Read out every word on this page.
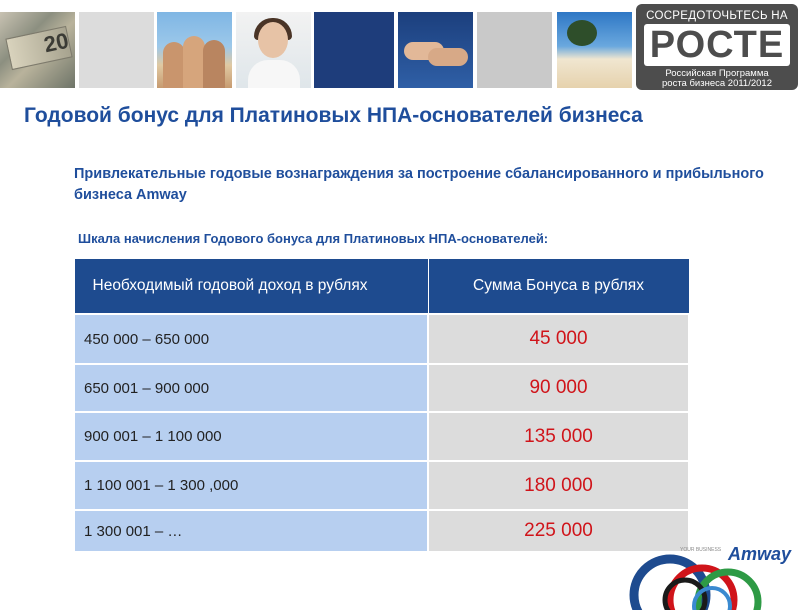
20
СОСРЕДОТОЧЬТЕСЬ НА
РОСТЕ
Российская Программа
роста бизнеса 2011/2012
Годовой бонус для Платиновых НПА-основателей бизнеса
Привлекательные годовые вознаграждения за построение сбалансированного и прибыльного бизнеса Amway
Шкала начисления Годового бонуса для Платиновых НПА-основателей:
Необходимый годовой доход в рублях	Сумма Бонуса в рублях
450 000 – 650 000	45 000
650 001 – 900 000	90 000
900 001 – 1 100 000	135 000
1 100 001 – 1 300 ,000	180 000
1 300 001 – …	225 000
YOUR BUSINESS Amway
